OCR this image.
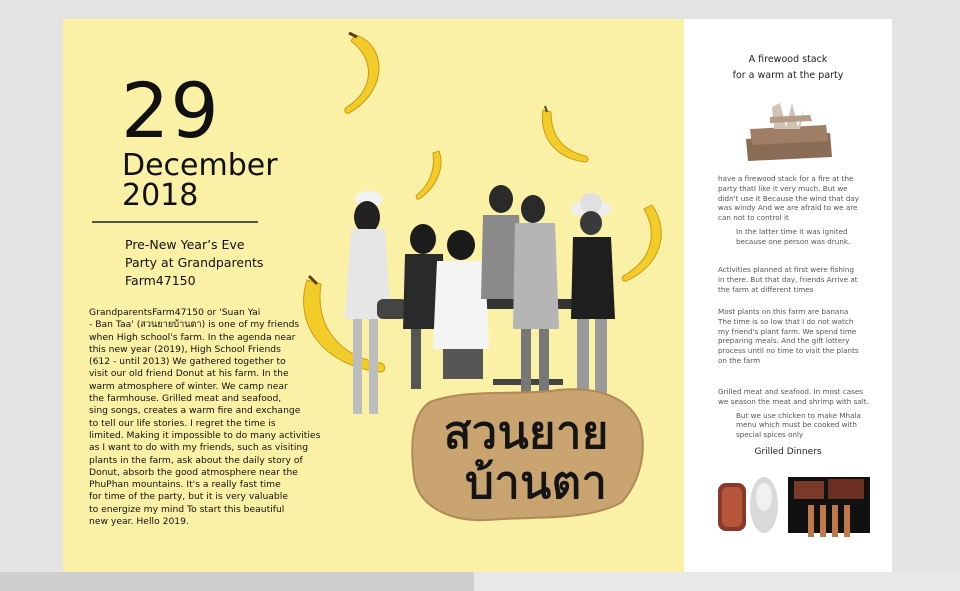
29
December
2018
Pre-New Year’s Eve
Party at Grandparents
Farm47150
GrandparentsFarm47150 or 'Suan Yai
- Ban Taa' (สวนยายบ้านตา) is one of my friends
when High school's farm. In the agenda near
this new year (2019), High School Friends
(612 - until 2013) We gathered together to
visit our old friend Donut at his farm. In the
warm atmosphere of winter. We camp near
the farmhouse. Grilled meat and seafood,
sing songs, creates a warm fire and exchange
to tell our life stories. I regret the time is
limited. Making it impossible to do many activities
as I want to do with my friends, such as visiting
plants in the farm, ask about the daily story of
Donut, absorb the good atmosphere near the
PhuPhan mountains. It's a really fast time
for time of the party, but it is very valuable
to energize my mind To start this beautiful
new year. Hello 2019.
สวนยาย
บ้านตา
A firewood stack
for a warm at the party
have a firewood stack for a fire at the
party thatI like it very much. But we
didn't use it Because the wind that day
was windy And we are afraid to we are
can not to control it
In the latter time it was ignited
because one person was drunk.
Activities planned at first were fishing
in there. But that day, friends Arrive at
the farm at different times
Most plants on this farm are banana
The time is so low that I do not watch
my friend's plant farm. We spend time
preparing meals. And the gift lottery
process until no time to visit the plants
on the farm
Grilled meat and seafood. In most cases
we season the meat and shrimp with salt.
But we use chicken to make Mhala
menu which must be cooked with
special spices only
Grilled Dinners
